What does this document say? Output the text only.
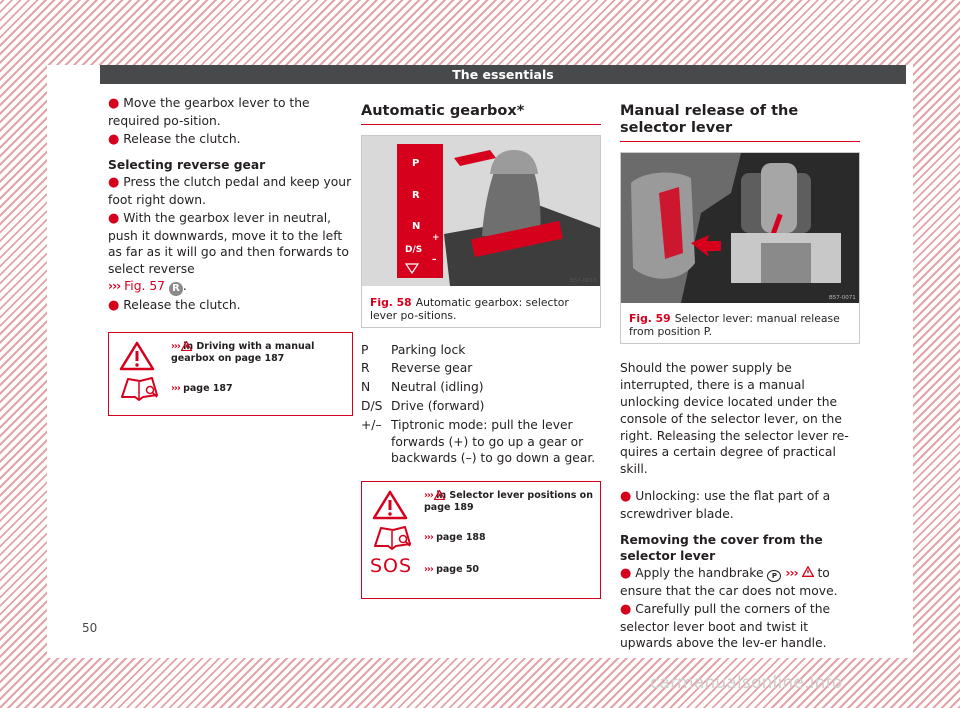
The essentials

● Move the gearbox lever to the required po-sition.

● Release the clutch.

Selecting reverse gear

● Press the clutch pedal and keep your foot right down.

● With the gearbox lever in neutral, push it downwards, move it to the left as far as it will go and then forwards to select reverse
››› Fig. 57 R .

● Release the clutch.

››› in Driving with a manual gearbox on page 187
››› page 187
Automatic gearbox*
P
R
N
D/S
+
–
B57-0010
Fig. 58 Automatic gearbox: selector lever po-sitions.
P	Parking lock
R	Reverse gear
N	Neutral (idling)
D/S Drive (forward)
+/– Tiptronic mode: pull the lever forwards (+) to go up a gear or backwards (–) to go down a gear.
››› in Selector lever positions on page 189
››› page 188
SOS ››› page 50
Manual release of the selector lever
B57-0071
Fig. 59 Selector lever: manual release from position P.

Should the power supply be interrupted, there is a manual unlocking device located under the console of the selector lever, on the right. Releasing the selector lever re-quires a certain degree of practical skill.

● Unlocking: use the flat part of a screwdriver blade.

Removing the cover from the selector lever

● Apply the handbrake P ››› to ensure that the car does not move.

● Carefully pull the corners of the selector lever boot and twist it upwards above the lev-er handle.

50
carmanualsonline.info
